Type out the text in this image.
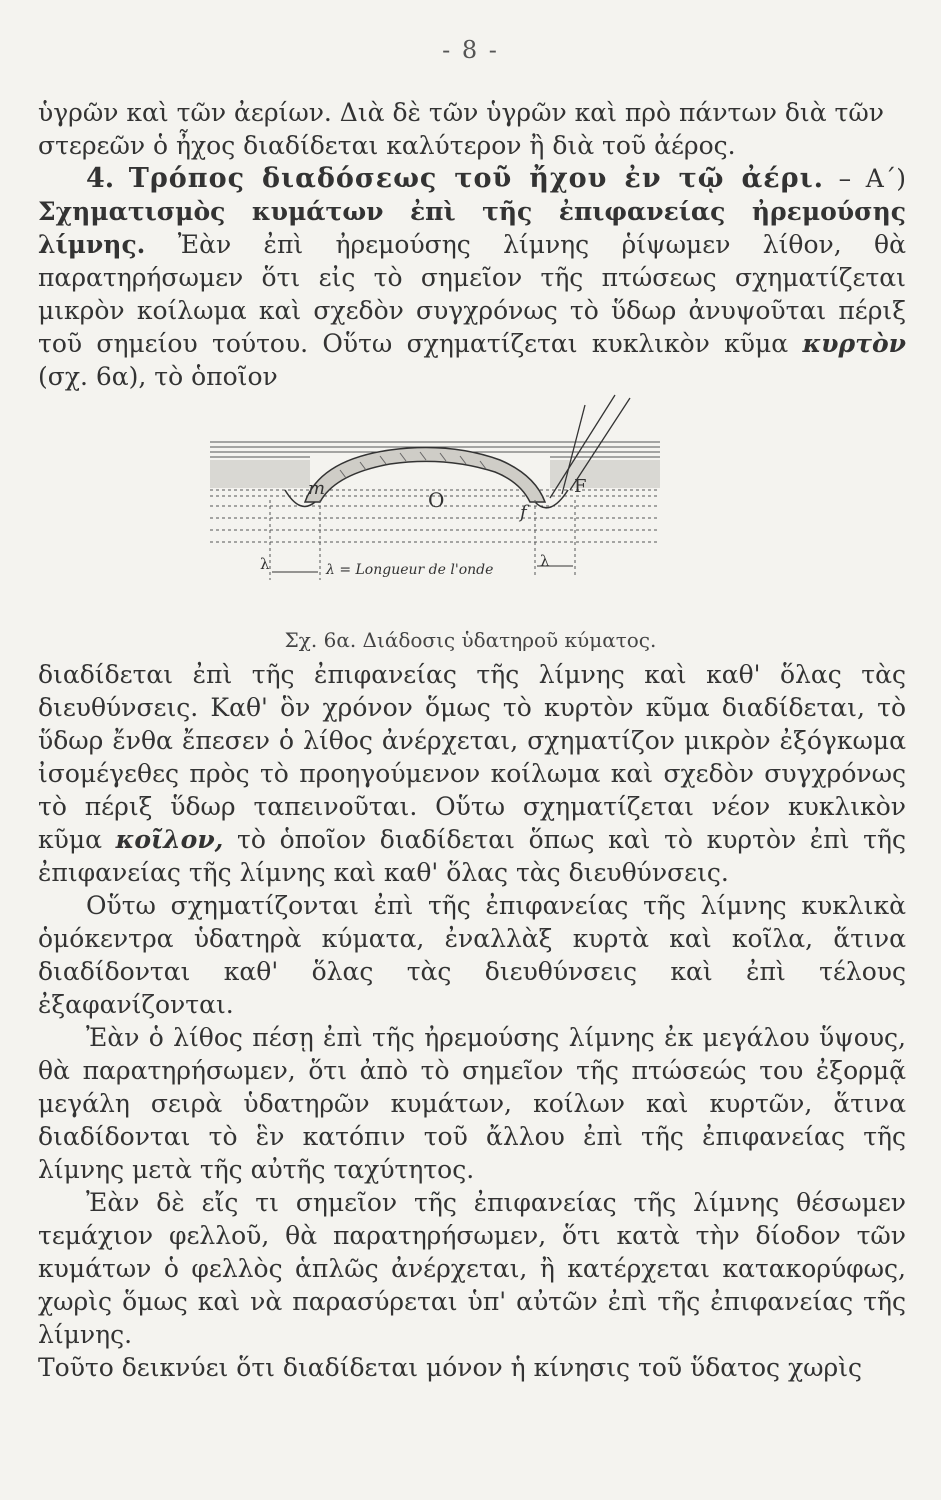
- 8 -

ὑγρῶν καὶ τῶν ἀερίων. Διὰ δὲ τῶν ὑγρῶν καὶ πρὸ πάντων διὰ τῶν
στερεῶν ὁ ἦχος διαδίδεται καλύτερον ἢ διὰ τοῦ ἀέρος.

4. Τρόπος διαδόσεως τοῦ ἤχου ἐν τῷ ἀέρι. – Α΄) Σχηματισμὸς κυμάτων ἐπὶ τῆς ἐπιφανείας ἠρεμούσης λίμνης. Ἐὰν ἐπὶ ἠρεμούσης λίμνης ῥίψωμεν λίθον, θὰ παρατηρήσωμεν ὅτι εἰς τὸ σημεῖον τῆς πτώσεως σχηματίζεται μικρὸν κοίλωμα καὶ σχεδὸν συγχρόνως τὸ ὕδωρ ἀνυψοῦται πέριξ τοῦ σημείου τούτου. Οὕτω σχηματίζεται κυκλικὸν κῦμα κυρτὸν (σχ. 6α), τὸ ὁποῖον

m	O
f
F
λ	λ
λ = Longueur de l'onde
Σχ. 6α. Διάδοσις ὑδατηροῦ κύματος.

διαδίδεται ἐπὶ τῆς ἐπιφανείας τῆς λίμνης καὶ καθ' ὅλας τὰς διευθύνσεις. Καθ' ὃν χρόνον ὅμως τὸ κυρτὸν κῦμα διαδίδεται, τὸ ὕδωρ ἔνθα ἔπεσεν ὁ λίθος ἀνέρχεται, σχηματίζον μικρὸν ἐξόγκωμα ἰσομέγεθες πρὸς τὸ προηγούμενον κοίλωμα καὶ σχεδὸν συγχρόνως τὸ πέριξ ὕδωρ ταπεινοῦται. Οὕτω σχηματίζεται νέον κυκλικὸν κῦμα κοῖλον, τὸ ὁποῖον διαδίδεται ὅπως καὶ τὸ κυρτὸν ἐπὶ τῆς ἐπιφανείας τῆς λίμνης καὶ καθ' ὅλας τὰς διευθύνσεις.

Οὕτω σχηματίζονται ἐπὶ τῆς ἐπιφανείας τῆς λίμνης κυκλικὰ ὁμόκεντρα ὑδατηρὰ κύματα, ἐναλλὰξ κυρτὰ καὶ κοῖλα, ἅτινα διαδίδονται καθ' ὅλας τὰς διευθύνσεις καὶ ἐπὶ τέλους ἐξαφανίζονται.

Ἐὰν ὁ λίθος πέσῃ ἐπὶ τῆς ἠρεμούσης λίμνης ἐκ μεγάλου ὕψους, θὰ παρατηρήσωμεν, ὅτι ἀπὸ τὸ σημεῖον τῆς πτώσεώς του ἐξορμᾷ μεγάλη σειρὰ ὑδατηρῶν κυμάτων, κοίλων καὶ κυρτῶν, ἅτινα διαδίδονται τὸ ἓν κατόπιν τοῦ ἄλλου ἐπὶ τῆς ἐπιφανείας τῆς λίμνης μετὰ τῆς αὐτῆς ταχύτητος.

Ἐὰν δὲ εἴς τι σημεῖον τῆς ἐπιφανείας τῆς λίμνης θέσωμεν τεμάχιον φελλοῦ, θὰ παρατηρήσωμεν, ὅτι κατὰ τὴν δίοδον τῶν κυμάτων ὁ φελλὸς ἁπλῶς ἀνέρχεται, ἢ κατέρχεται κατακορύφως, χωρὶς ὅμως καὶ νὰ παρασύρεται ὑπ' αὐτῶν ἐπὶ τῆς ἐπιφανείας τῆς λίμνης.

Τοῦτο δεικνύει ὅτι διαδίδεται μόνον ἡ κίνησις τοῦ ὕδατος χωρὶς
